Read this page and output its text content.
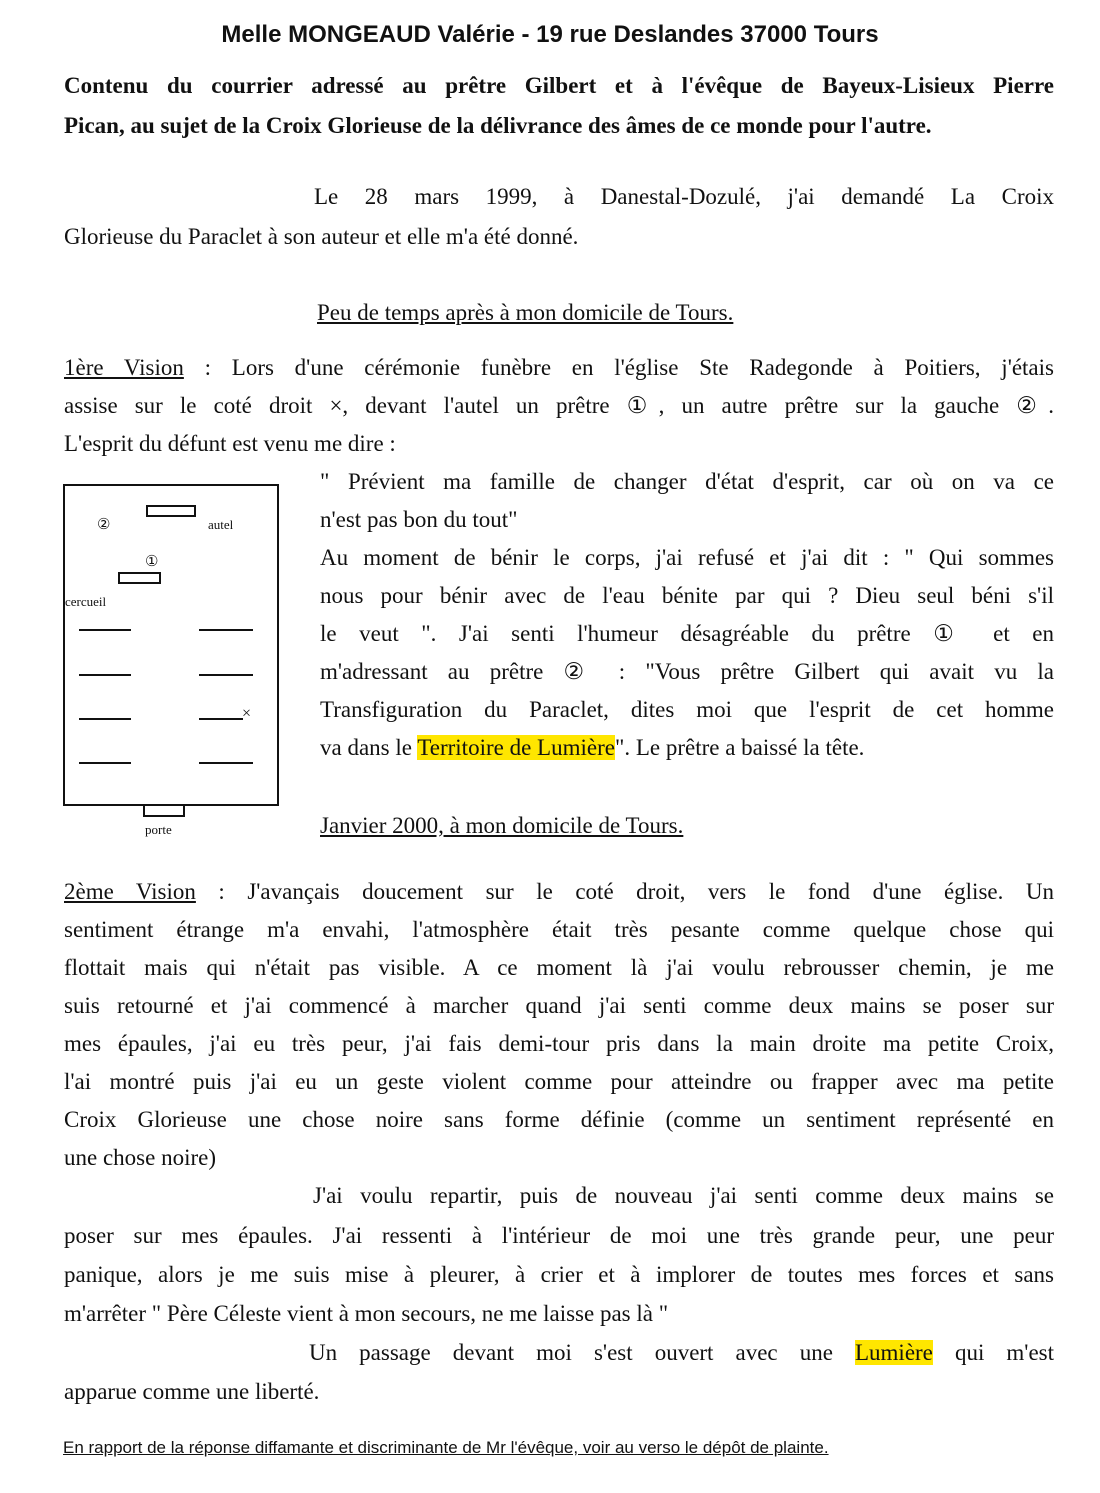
Melle MONGEAUD Valérie - 19 rue Deslandes 37000 Tours
Contenu du courrier adressé au prêtre Gilbert et à l'évêque de Bayeux-Lisieux Pierre
Pican, au sujet de la Croix Glorieuse de la délivrance des âmes de ce monde pour l'autre.
Le 28 mars 1999, à Danestal-Dozulé, j'ai demandé La Croix
Glorieuse du Paraclet à son auteur et elle m'a été donné.
Peu de temps après à mon domicile de Tours.
1ère Vision : Lors d'une cérémonie funèbre en l'église Ste Radegonde à Poitiers, j'étais
assise sur le coté droit ×, devant l'autel un prêtre ①, un autre prêtre sur la gauche ②.
L'esprit du défunt est venu me dire :
" Prévient ma famille de changer d'état d'esprit, car où on va ce
n'est pas bon du tout"
Au moment de bénir le corps, j'ai refusé et j'ai dit : " Qui sommes
nous pour bénir avec de l'eau bénite par qui ? Dieu seul béni s'il
le veut ". J'ai senti l'humeur désagréable du prêtre ① et en
m'adressant au prêtre ② : "Vous prêtre Gilbert qui avait vu la
Transfiguration du Paraclet, dites moi que l'esprit de cet homme
va dans le Territoire de Lumière". Le prêtre a baissé la tête.
②	autel
①
cercueil
×
porte	Janvier 2000, à mon domicile de Tours.
2ème Vision : J'avançais doucement sur le coté droit, vers le fond d'une église. Un
sentiment étrange m'a envahi, l'atmosphère était très pesante comme quelque chose qui
flottait mais qui n'était pas visible. A ce moment là j'ai voulu rebrousser chemin, je me
suis retourné et j'ai commencé à marcher quand j'ai senti comme deux mains se poser sur
mes épaules, j'ai eu très peur, j'ai fais demi-tour pris dans la main droite ma petite Croix,
l'ai montré puis j'ai eu un geste violent comme pour atteindre ou frapper avec ma petite
Croix Glorieuse une chose noire sans forme définie (comme un sentiment représenté en
une chose noire)
J'ai voulu repartir, puis de nouveau j'ai senti comme deux mains se
poser sur mes épaules. J'ai ressenti à l'intérieur de moi une très grande peur, une peur
panique, alors je me suis mise à pleurer, à crier et à implorer de toutes mes forces et sans
m'arrêter " Père Céleste vient à mon secours, ne me laisse pas là "
Un passage devant moi s'est ouvert avec une Lumière qui m'est
apparue comme une liberté.
En rapport de la réponse diffamante et discriminante de Mr l'évêque, voir au verso le dépôt de plainte.
